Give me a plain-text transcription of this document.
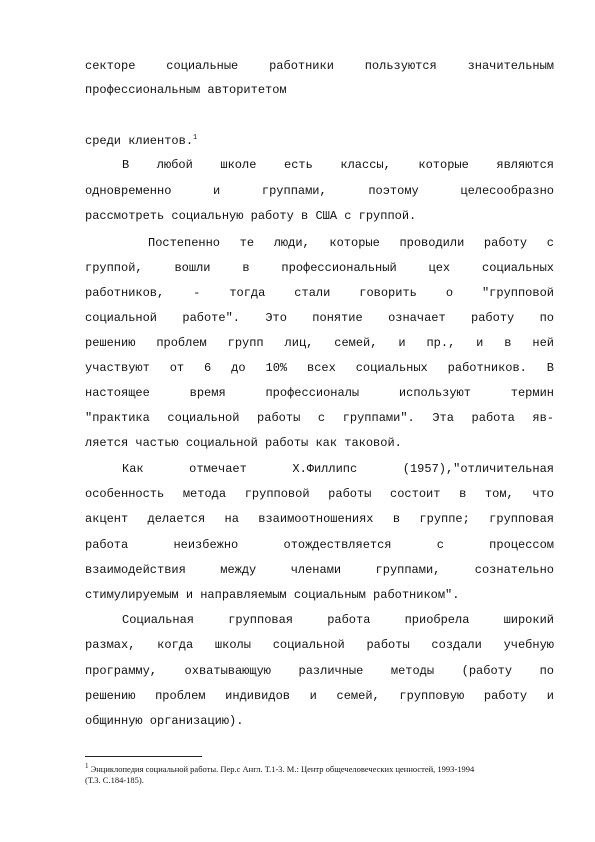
секторе социальные работники пользуются значительным
профессиональным авторитетом
среди клиентов.$^1$
В любой школе есть классы, которые являются
одновременно и группами, поэтому целесообразно
рассмотреть социальную работу в США с группой.
Постепенно те люди, которые проводили работу с
группой, вошли в профессиональный цех социальных
работников, - тогда стали говорить о "групповой
социальной работе". Это понятие означает работу по
решению проблем групп лиц, семей, и пр., и в ней
участвуют от 6 до 10% всех социальных работников. В
настоящее время профессионалы используют термин
"практика социальной работы с группами". Эта работа яв-
ляется частью социальной работы как таковой.
Как отмечает Х.Филлипс (1957),"отличительная
особенность метода групповой работы состоит в том, что
акцент делается на взаимоотношениях в группе; групповая
работа неизбежно отождествляется с процессом
взаимодействия между членами группами, сознательно
стимулируемым и направляемым социальным работником".
Социальная групповая работа приобрела широкий
размах, когда школы социальной работы создали учебную
программу, охватывающую различные методы (работу по
решению проблем индивидов и семей, групповую работу и
общинную организацию).
$^1$ Энциклопедия социальной работы. Пер.с Англ. Т.1-3. М.: Центр общечеловеческих ценностей, 1993-1994
(Т.3. С.184-185).
